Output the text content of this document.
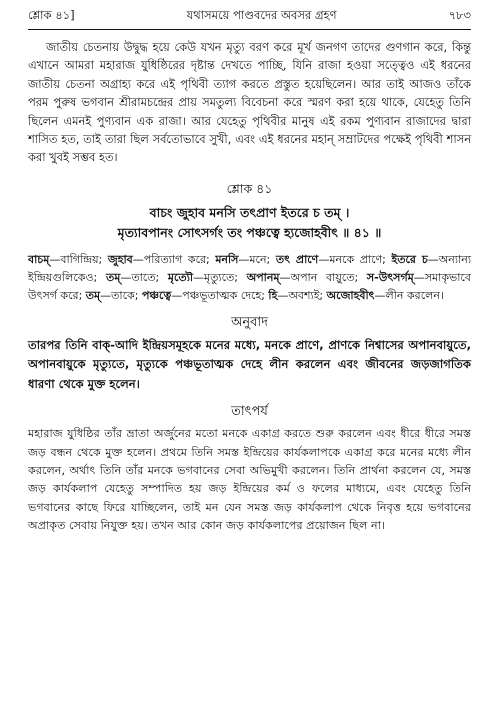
শ্লোক ৪১]	যথাসময়ে পাণ্ডবদের অবসর গ্রহণ	৭৮৩

জাতীয় চেতনায় উদ্বুদ্ধ হয়ে কেউ যখন মৃত্যু বরণ করে মূর্খ জনগণ তাদের গুণগান করে, কিন্তু এখানে আমরা মহারাজ যুধিষ্ঠিরের দৃষ্টান্ত দেখতে পাচ্ছি, যিনি রাজা হওয়া সত্ত্বেও এই ধরনের জাতীয় চেতনা অগ্রাহ্য করে এই পৃথিবী ত্যাগ করতে প্রস্তুত হয়েছিলেন। আর তাই আজও তাঁকে পরম পুরুষ ভগবান শ্রীরামচন্দ্রের প্রায় সমতুল্য বিবেচনা করে স্মরণ করা হয়ে থাকে, যেহেতু তিনি ছিলেন এমনই পুণ্যবান এক রাজা। আর যেহেতু পৃথিবীর মানুষ এই রকম পুণ্যবান রাজাদের দ্বারা শাসিত হত, তাই তারা ছিল সর্বতোভাবে সুখী, এবং এই ধরনের মহান্‌ সম্রাটদের পক্ষেই পৃথিবী শাসন করা খুবই সম্ভব হত।

শ্লোক ৪১
বাচং জুহাব মনসি তৎপ্রাণ ইতরে চ তম্‌ ।
মৃত্যাবপানং সোৎসর্গং তং পঞ্চত্বে হ্যজোহবীৎ ॥ ৪১ ॥

বাচম্‌—বাগিন্দ্রিয়; জুহাব—পরিত্যাগ করে; মনসি—মনে; তৎ প্রাণে—মনকে প্রাণে; ইতরে চ—অন্যান্য ইন্দ্রিয়গুলিকেও; তম্‌—তাতে; মৃত্যৌ—মৃত্যুতে; অপানম্‌—অপান বায়ুতে; স-উৎসর্গম্‌—সমাকৃভাবে উৎসর্গ করে; তম্‌—তাকে; পঞ্চত্বে—পঞ্চভূতাত্মক দেহে; হি—অবশ্যই; অজোহবীৎ—লীন করলেন।

অনুবাদ

তারপর তিনি বাক্‌-আদি ইন্দ্রিয়সমূহকে মনের মধ্যে, মনকে প্রাণে, প্রাণকে নিশ্বাসের অপানবায়ুতে, অপানবায়ুকে মৃত্যুতে, মৃত্যুকে পঞ্চভূতাত্মক দেহে লীন করলেন এবং জীবনের জড়জাগতিক ধারণা থেকে মুক্ত হলেন।

তাৎপর্য

মহারাজ যুধিষ্ঠির তাঁর ভ্রাতা অর্জুনের মতো মনকে একাগ্র করতে শুরু করলেন এবং ধীরে ধীরে সমস্ত জড় বন্ধন থেকে মুক্ত হলেন। প্রথমে তিনি সমস্ত ইন্দ্রিয়ের কার্যকলাপকে একাগ্র করে মনের মধ্যে লীন করলেন, অর্থাৎ তিনি তাঁর মনকে ভগবানের সেবা অভিমুখী করলেন। তিনি প্রার্থনা করলেন যে, সমস্ত জড় কার্যকলাপ যেহেতু সম্পাদিত হয় জড় ইন্দ্রিয়ের কর্ম ও ফলের মাধ্যমে, এবং যেহেতু তিনি ভগবানের কাছে ফিরে যাচ্ছিলেন, তাই মন যেন সমস্ত জড় কার্যকলাপ থেকে নিবৃত্ত হয়ে ভগবানের অপ্রাকৃত সেবায় নিযুক্ত হয়। তখন আর কোন জড় কার্যকলাপের প্রয়োজন ছিল না।
